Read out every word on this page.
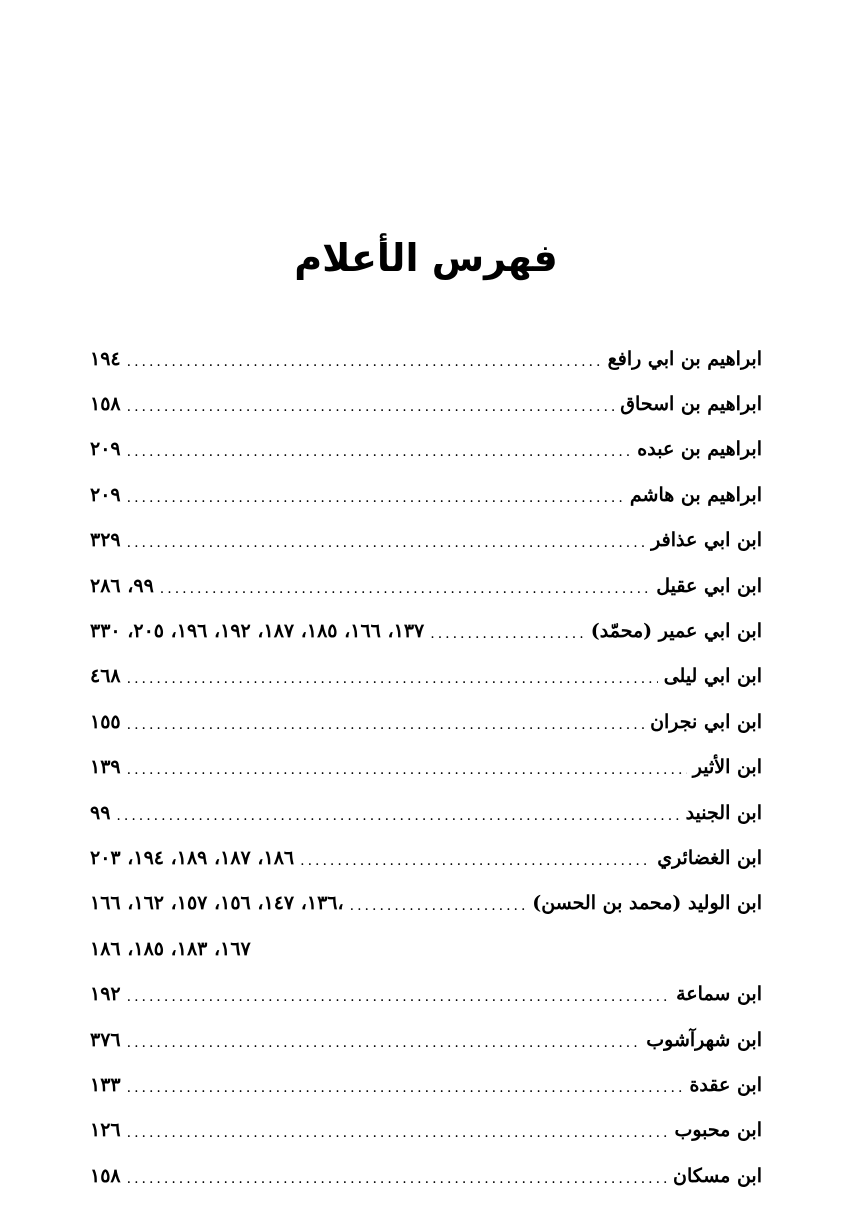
فهرس الأعلام
ابراهيم بن ابي رافع
.....
١٩٤
ابراهيم بن اسحاق
.....
١٥٨
ابراهيم بن عبده
.....
٢٠٩
ابراهيم بن هاشم
.....
٢٠٩
ابن ابي عذافر
.....
٣٢٩
ابن ابي عقيل
.....
٩٩، ٢٨٦
ابن ابي عمير (محمّد)
.....
١٣٧، ١٦٦، ١٨٥، ١٨٧، ١٩٢، ١٩٦، ٢٠٥، ٣٣٠
ابن ابي ليلى
.....
٤٦٨
ابن ابي نجران
.....
١٥٥
ابن الأثير
.....
١٣٩
ابن الجنيد
.....
٩٩
ابن الغضائري
.....
١٨٦، ١٨٧، ١٨٩، ١٩٤، ٢٠٣
ابن الوليد (محمد بن الحسن)
.....
١٣٦، ١٤٧، ١٥٦، ١٥٧، ١٦٢، ١٦٦،
١٦٧، ١٨٣، ١٨٥، ١٨٦
ابن سماعة
.....
١٩٢
ابن شهرآشوب
.....
٣٧٦
ابن عقدة
.....
١٣٣
ابن محبوب
.....
١٢٦
ابن مسكان
.....
١٥٨
